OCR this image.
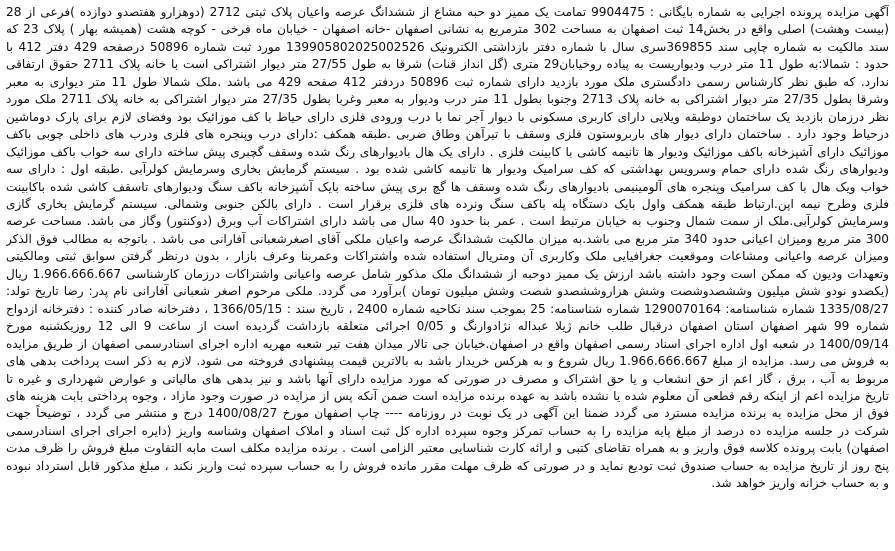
آگهی مزایده پرونده اجرایی به شماره بایگانی : 9904475 تمامت یک ممیز دو حبه مشاع از ششدانگ عرصه واعیان پلاک ثبتی 2712 (دوهزارو هفتصدو دوازده )فرعی از 28 (بیست وهشت) اصلی واقع در بخش14 ثبت اصفهان به مساحت 302 مترمربع به نشانی اصفهان -خانه اصفهان - خیابان ماه فرخی - کوچه هشت (همیشه بهار ) پلاک 23 که سند مالکیت به شماره چاپی سند 369855سری سال با شماره دفتر بازداشتی الکترونیک 139905802025002526 مورد ثبت شماره 50896 درصفحه 429 دفتر 412 با حدود : شمالا:به طول 11 متر درب ودیواریست به پیاده روخیابان29 متری (گل انداز قنات) شرقا به طول 27/55 متر دیوار اشتراکی است با خانه پلاک 2711 حقوق ارتفاقی ندارد. که طبق نظر کارشناس رسمی دادگستری ملک مورد بازدید دارای شماره ثبت 50896 دردفتر 412 صفحه 429 می باشد .ملک شمالا طول 11 متر دیواری به معبر وشرقا بطول 27/35 متر دیوار اشتراکی به خانه پلاک 2713 وجنوبا بطول 11 متر درب ودیوار به معبر وغربا بطول 27/35 متر دیوار اشتراکی به خانه پلاک 2711 ملک مورد نظر درزمان بازدید یک ساختمان دوطبقه ویلایی دارای کاربری مسکونی با دیوار آجر نما با درب ورودی فلزی دارای حیاط با کف موزائیک بود وفضای لازم برای پارک دوماشین درحیاط وجود دارد . ساختمان دارای دیوار های باربروستون فلزی وسقف با تیرآهن وطاق ضربی .طبقه همکف :دارای درب وپنجره های فلزی ودرب های داخلی چوبی باکف موزائیک دارای آشپزخانه باکف موزائیک ودیوار ها تانیمه کاشی با کابینت فلزی . دارای یک هال بادیوارهای رنگ شده وسقف گچبری پیش ساخته دارای سه خواب باکف موزائیک ودیوارهای رنگ شده دارای حمام وسرویس بهداشتی که کف سرامیک ودیوار ها تانیمه کاشی شده بود . سیستم گرمایش بخاری وسرمایش کولرآبی .طبقه اول : دارای سه خواب ویک هال با کف سرامیک وپنجره های آلومینیمی بادیوارهای رنگ شده وسقف ها گچ بری پیش ساخته بایک آشپزخانه باکف سنگ ودیوارهای تاسقف کاشی شده باکابینت فلزی وطرح نیمه اپن.ارتباط طبقه همکف واول بایک دستگاه پله باکف سنگ ونرده های فلزی برقرار است . دارای بالکن جنوبی وشمالی. سیستم گرمایش بخاری گازی وسرمایش کولرآبی.ملک از سمت شمال وجنوب به خیابان مرتبط است . عمر بنا حدود 40 سال می باشد دارای اشتراکات آب وبرق (دوکنتور) وگاز می باشد. مساحت عرصه 300 متر مربع ومیزان اعیانی حدود 340 متر مربع می باشد.به میزان مالکیت ششدانگ عرصه واعیان ملکی آقای اصغرشعبانی آفارانی می باشد . باتوجه به مطالب فوق الذکر ومیزان عرصه واعیانی ومشاعات وموقعیت جغرافیایی ملک وکاربری آن ومتریال استفاده شده واشتراکات وعمربنا وعرف بازار ، بدون درنظر گرفتن سوابق ثبتی ومالکیتی وتعهدات ودیون که ممکن است وجود داشته باشد ارزش یک ممیز دوحبه از ششدانگ ملک مذکور شامل عرصه واعیانی واشتراکات درزمان کارشناسی 1.966.666.667 ریال (یکصدو نودو شش میلیون وششصدوشصت وشش هزاروششصدو شصت وشش میلیون تومان )برآورد می گردد. ملکی مرحوم اصغر شعبانی آفارانی نام پدر: رضا تاریخ تولد: 1335/08/27 شماره شناسنامه: 1290070164 شماره شناسنامه: 25 بموجب سند نکاحیه شماره 2400 ، تاریخ سند : 1366/05/15 ، دفترخانه صادر کننده : دفترخانه ازدواج شماره 99 شهر اصفهان استان اصفهان درقبال طلب خانم ژیلا عبداله نژادوارنگ و 0/05 اجرائی متعلقه بازداشت گردیده است از ساعت 9 الی 12 روزیکشنبه مورخ 1400/09/14 در شعبه اول اداره اجرای اسناد رسمی اصفهان واقع در اصفهان.خیابان جی تالار میدان هفت تیر شعبه مهریه اداره اجرای اسنادرسمی اصفهان از طریق مزایده به فروش می رسد. مزایده از مبلغ 1.966.666.667 ریال شروع و به هرکس خریدار باشد به بالاترین قیمت پیشنهادی فروخته می شود. لازم به ذکر است پرداخت بدهی های مربوط به آب ، برق ، گاز اعم از حق انشعاب و یا حق اشتراک و مصرف در صورتی که مورد مزایده دارای آنها باشد و نیز بدهی های مالیاتی و عوارض شهرداری و غیره تا تاریخ مزایده اعم از اینکه رقم قطعی آن معلوم شده یا نشده باشد به عهده برنده مزایده است ضمن آنکه پس از مزایده در صورت وجود مازاد ، وجوه پرداختی بابت هزینه های فوق از محل مزایده به برنده مزایده مسترد می گردد ضمنا این آگهی در یک نوبت در روزنامه ---- چاپ اصفهان مورخ 1400/08/27 درج و منتشر می گردد ، توضیحاً جهت شرکت در جلسه مزایده ده درصد از مبلغ پایه مزایده را به حساب تمرکز وجوه سپرده اداره کل ثبت اسناد و املاک اصفهان وشناسه واریز (دایره اجرای اجرای اسنادرسمی اصفهان) بابت پرونده کلاسه فوق واریز و به همراه تقاضای کتبی و ارائه کارت شناسایی معتبر الزامی است . برنده مزایده مکلف است مابه التفاوت مبلغ فروش را ظرف مدت پنج روز از تاریخ مزایده به حساب صندوق ثبت تودیع نماید و در صورتی که ظرف مهلت مقرر مانده فروش را به حساب سپرده ثبت واریز نکند ، مبلغ مذکور قابل استرداد نبوده و به حساب خزانه واریز خواهد شد.
